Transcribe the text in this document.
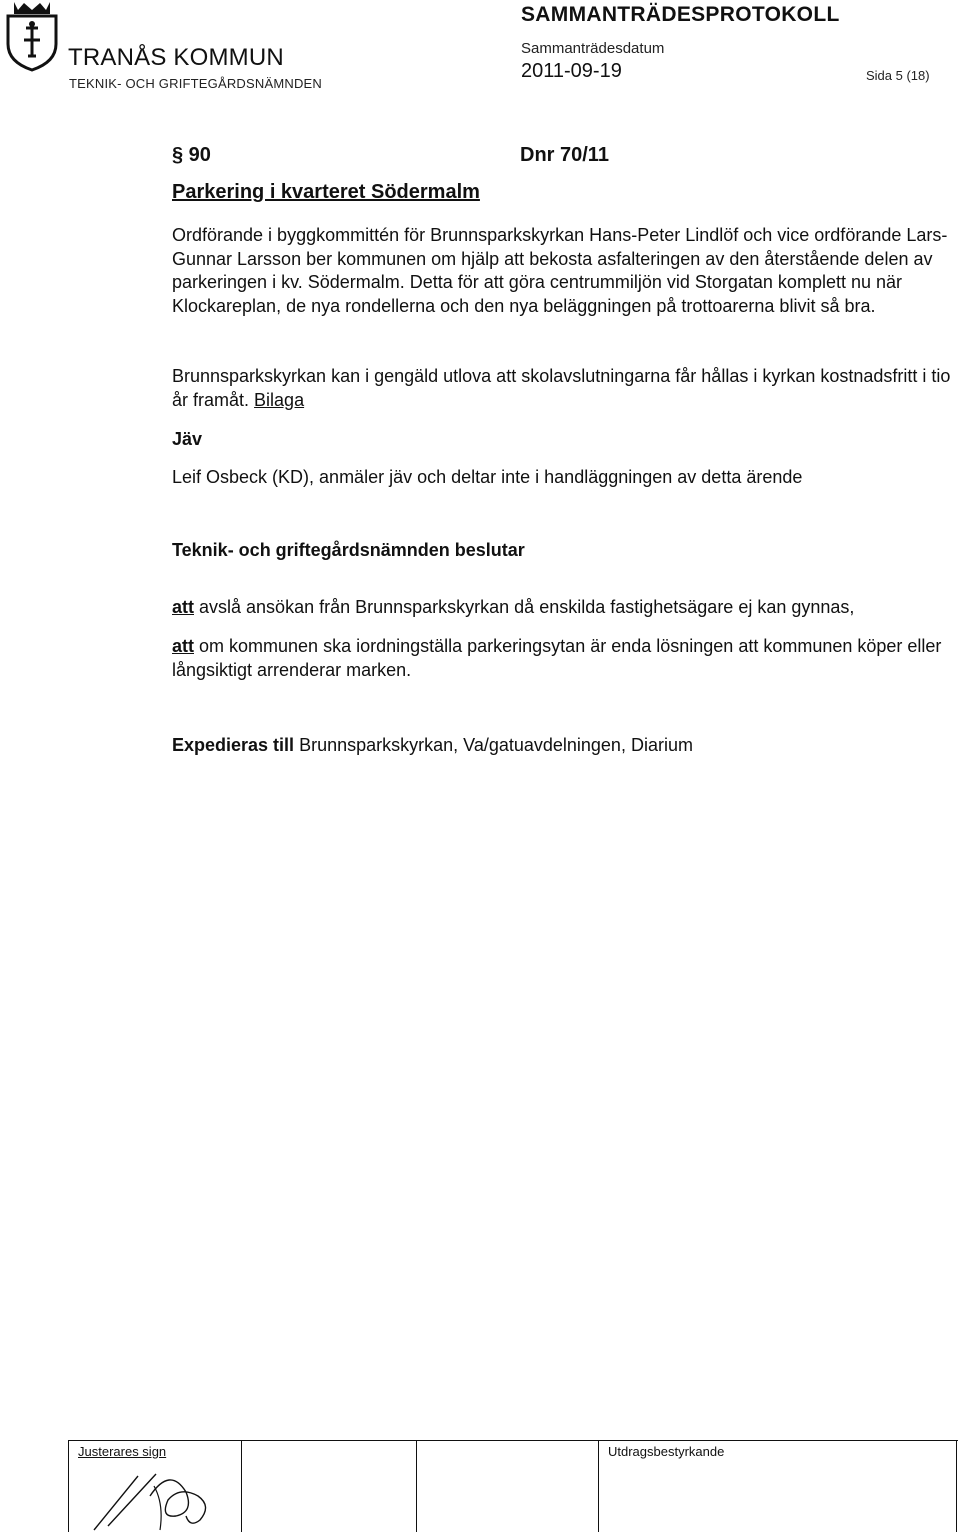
TRANÅS KOMMUN
TEKNIK- OCH GRIFTEGÅRDSNÄMNDEN
SAMMANTRÄDESPROTOKOLL
Sammanträdesdatum
2011-09-19	Sida 5 (18)
§ 90	Dnr 70/11
Parkering i kvarteret Södermalm
Ordförande i byggkommittén för Brunnsparkskyrkan Hans-Peter Lindlöf och vice ordförande Lars-Gunnar Larsson ber kommunen om hjälp att bekosta asfalteringen av den återstående delen av parkeringen i kv. Södermalm. Detta för att göra centrummiljön vid Storgatan komplett nu när Klockareplan, de nya rondellerna och den nya beläggningen på trottoarerna blivit så bra.
Brunnsparkskyrkan kan i gengäld utlova att skolavslutningarna får hållas i kyrkan kostnadsfritt i tio år framåt. Bilaga
Jäv
Leif Osbeck (KD), anmäler jäv och deltar inte i handläggningen av detta ärende
Teknik- och griftegårdsnämnden beslutar
att avslå ansökan från Brunnsparkskyrkan då enskilda fastighetsägare ej kan gynnas,
att om kommunen ska iordningställa parkeringsytan är enda lösningen att kommunen köper eller långsiktigt arrenderar marken.
Expedieras till Brunnsparkskyrkan, Va/gatuavdelningen, Diarium
Justerares sign	Utdragsbestyrkande
